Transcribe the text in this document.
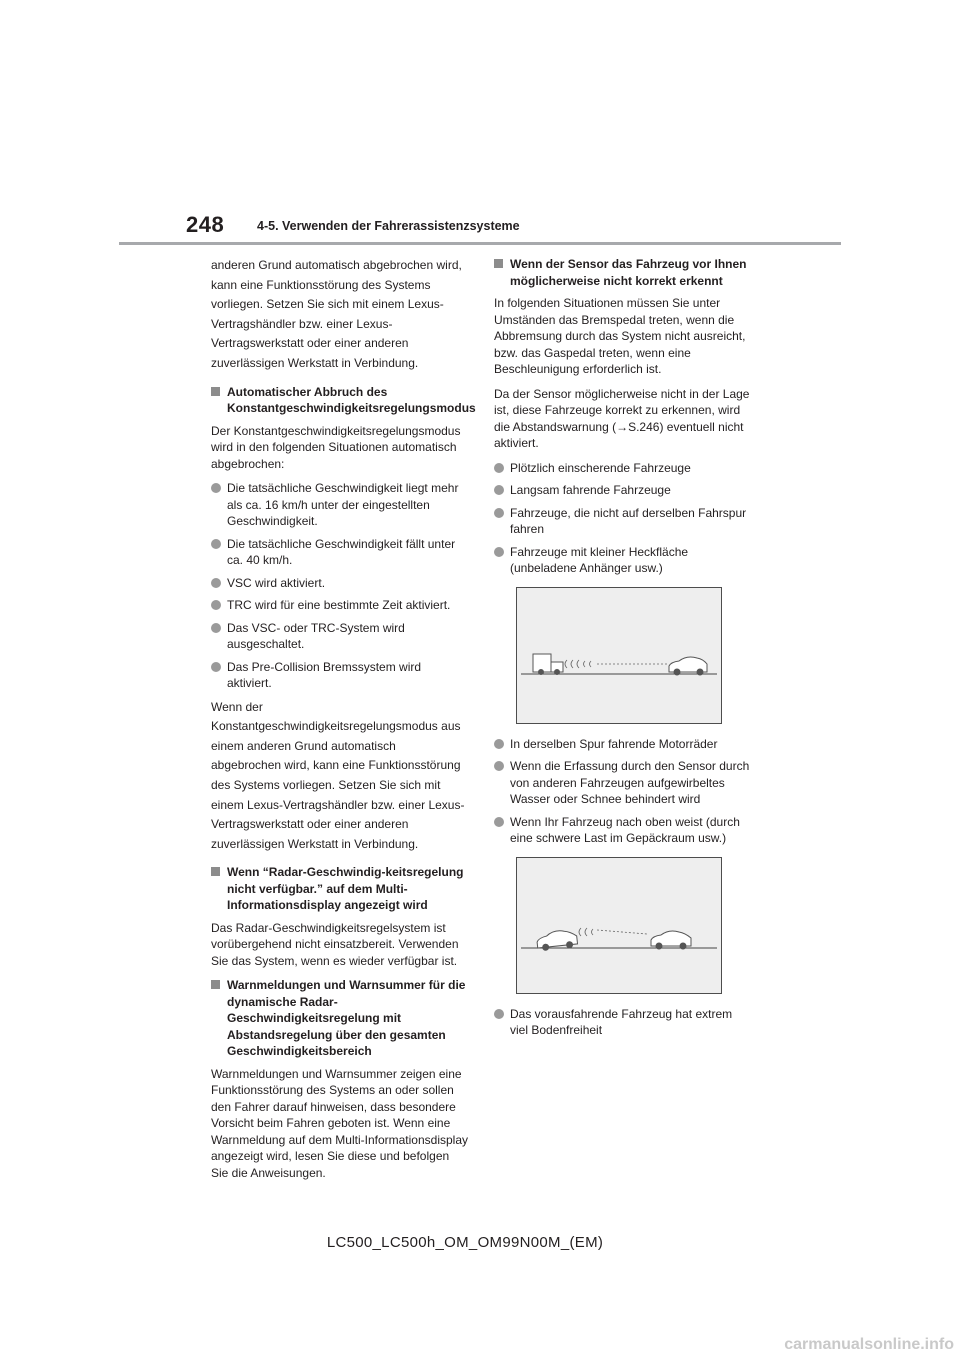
248	4-5. Verwenden der Fahrerassistenzsysteme

anderen Grund automatisch abgebrochen wird, kann eine Funktionsstörung des Systems vorliegen. Setzen Sie sich mit einem Lexus-Vertragshändler bzw. einer Lexus-Vertragswerkstatt oder einer anderen zuverlässigen Werkstatt in Verbindung.

Automatischer Abbruch des Konstantgeschwindigkeitsregelungsmodus

Der Konstantgeschwindigkeitsregelungsmodus wird in den folgenden Situationen automatisch abgebrochen:

Die tatsächliche Geschwindigkeit liegt mehr als ca. 16 km/h unter der eingestellten Geschwindigkeit.
Die tatsächliche Geschwindigkeit fällt unter ca. 40 km/h.
VSC wird aktiviert.
TRC wird für eine bestimmte Zeit aktiviert.
Das VSC- oder TRC-System wird ausgeschaltet.
Das Pre-Collision Bremssystem wird aktiviert.

Wenn der Konstantgeschwindigkeitsregelungsmodus aus einem anderen Grund automatisch abgebrochen wird, kann eine Funktionsstörung des Systems vorliegen. Setzen Sie sich mit einem Lexus-Vertragshändler bzw. einer Lexus-Vertragswerkstatt oder einer anderen zuverlässigen Werkstatt in Verbindung.

Wenn “Radar-Geschwindig-keitsregelung nicht verfügbar.” auf dem Multi-Informationsdisplay angezeigt wird

Das Radar-Geschwindigkeitsregelsystem ist vorübergehend nicht einsatzbereit. Verwenden Sie das System, wenn es wieder verfügbar ist.

Warnmeldungen und Warnsummer für die dynamische Radar-Geschwindigkeitsregelung mit Abstandsregelung über den gesamten Geschwindigkeitsbereich

Warnmeldungen und Warnsummer zeigen eine Funktionsstörung des Systems an oder sollen den Fahrer darauf hinweisen, dass besondere Vorsicht beim Fahren geboten ist. Wenn eine Warnmeldung auf dem Multi-Informationsdisplay angezeigt wird, lesen Sie diese und befolgen Sie die Anweisungen.

Wenn der Sensor das Fahrzeug vor Ihnen möglicherweise nicht korrekt erkennt

In folgenden Situationen müssen Sie unter Umständen das Bremspedal treten, wenn die Abbremsung durch das System nicht ausreicht, bzw. das Gaspedal treten, wenn eine Beschleunigung erforderlich ist.

Da der Sensor möglicherweise nicht in der Lage ist, diese Fahrzeuge korrekt zu erkennen, wird die Abstandswarnung (→S.246) eventuell nicht aktiviert.

Plötzlich einscherende Fahrzeuge
Langsam fahrende Fahrzeuge
Fahrzeuge, die nicht auf derselben Fahrspur fahren
Fahrzeuge mit kleiner Heckfläche (unbeladene Anhänger usw.)
In derselben Spur fahrende Motorräder
Wenn die Erfassung durch den Sensor durch von anderen Fahrzeugen aufgewirbeltes Wasser oder Schnee behindert wird
Wenn Ihr Fahrzeug nach oben weist (durch eine schwere Last im Gepäckraum usw.)
Das vorausfahrende Fahrzeug hat extrem viel Bodenfreiheit
LC500_LC500h_OM_OM99N00M_(EM)
carmanualsonline.info
